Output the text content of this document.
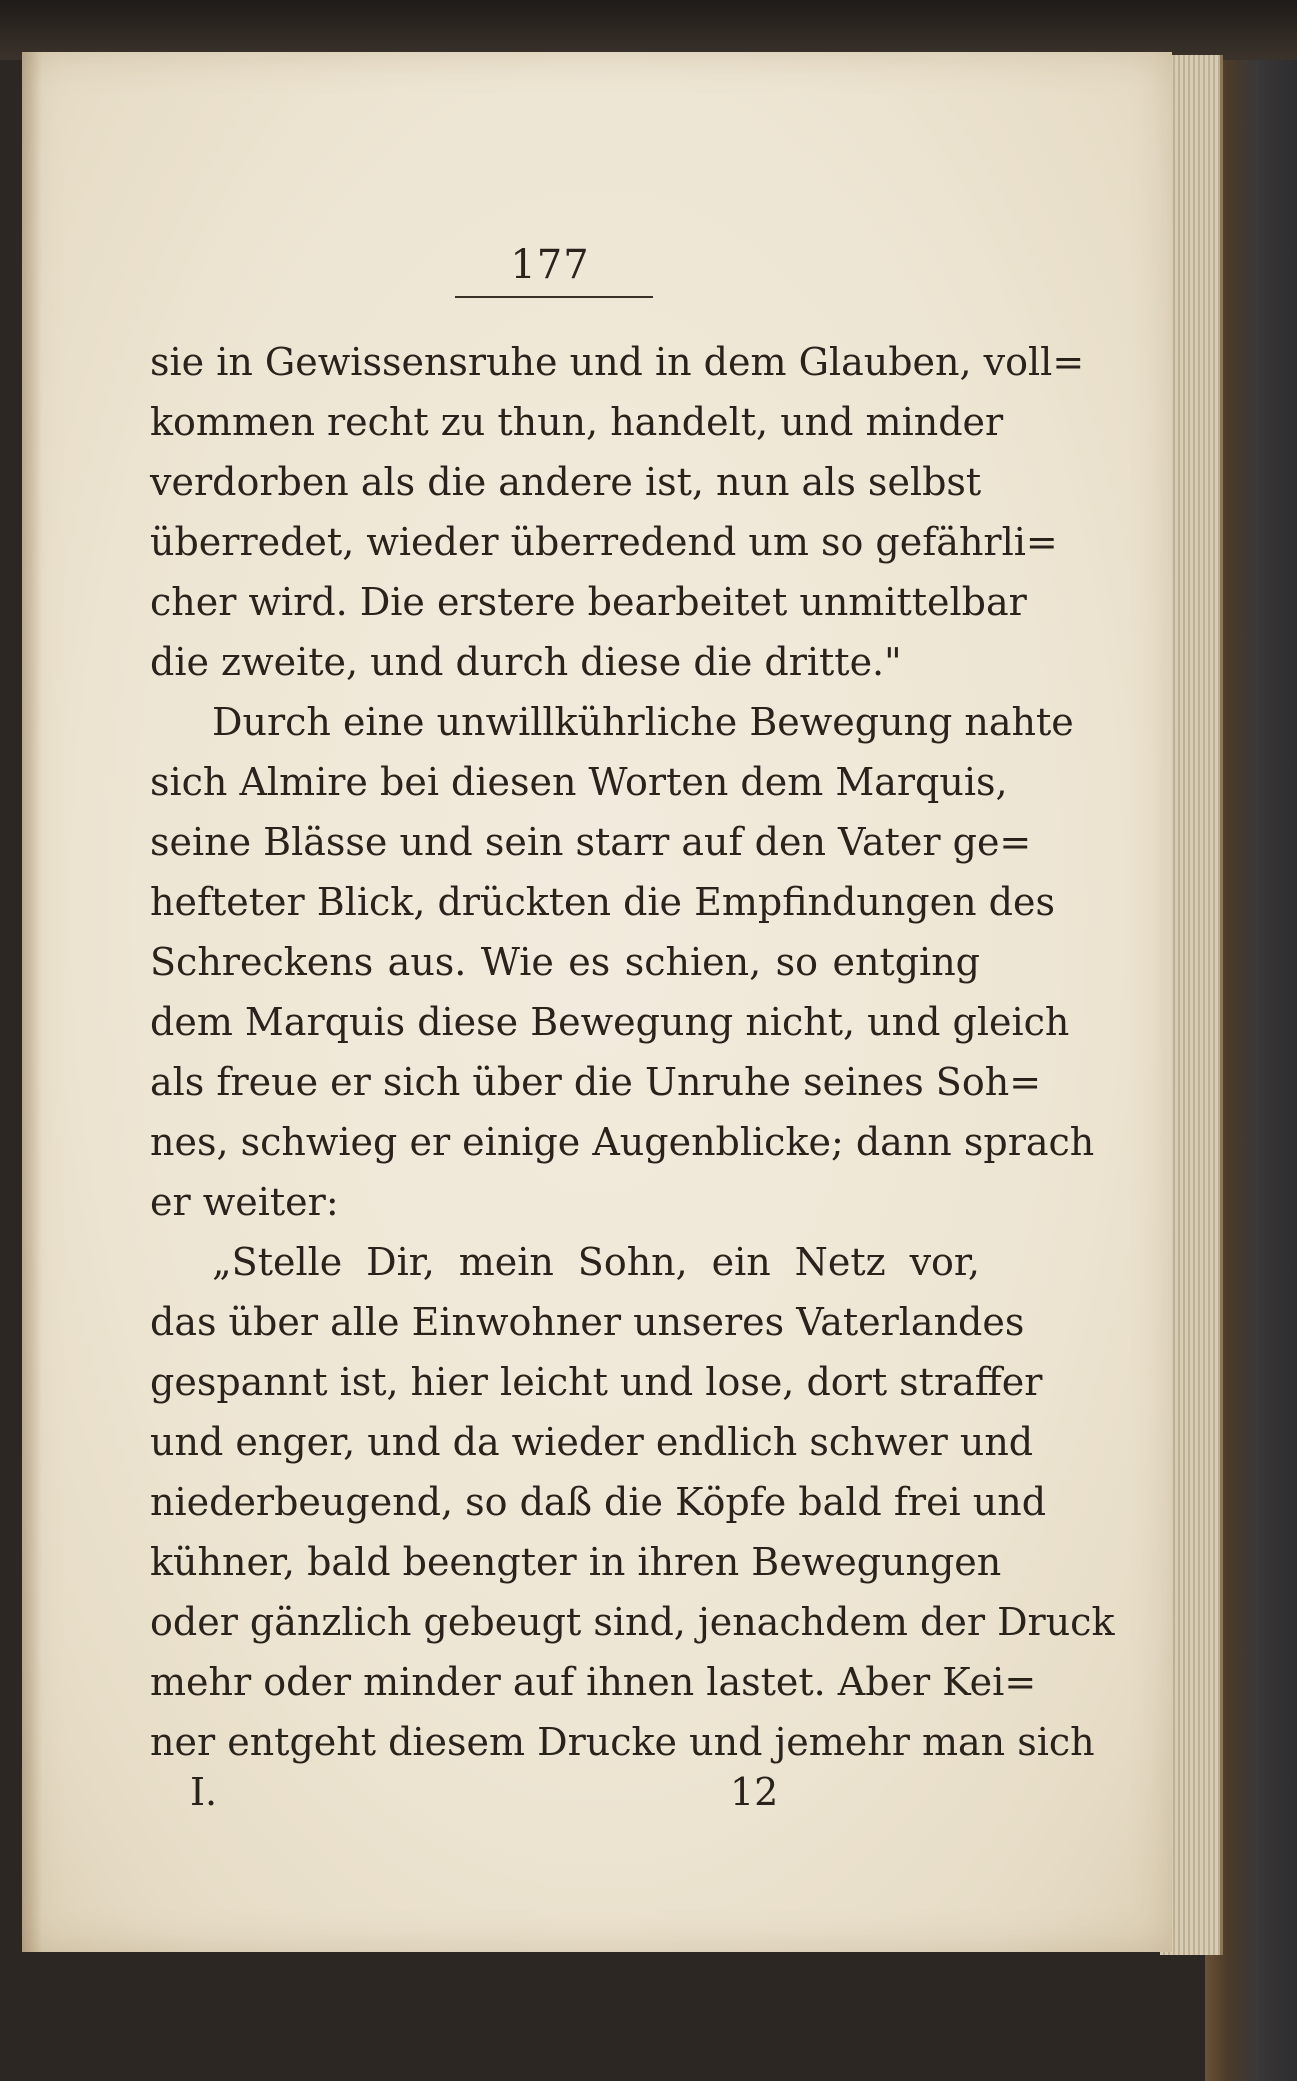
177
sie in Gewissensruhe und in dem Glauben, voll=
kommen recht zu thun, handelt, und minder
verdorben als die andere ist, nun als selbst
überredet, wieder überredend um so gefährli=
cher wird. Die erstere bearbeitet unmittelbar
die zweite, und durch diese die dritte."
Durch eine unwillkührliche Bewegung nahte
sich Almire bei diesen Worten dem Marquis,
seine Blässe und sein starr auf den Vater ge=
hefteter Blick, drückten die Empfindungen des
Schreckens aus. Wie es schien, so entging
dem Marquis diese Bewegung nicht, und gleich
als freue er sich über die Unruhe seines Soh=
nes, schwieg er einige Augenblicke; dann sprach
er weiter:
„Stelle Dir, mein Sohn, ein Netz vor,
das über alle Einwohner unseres Vaterlandes
gespannt ist, hier leicht und lose, dort straffer
und enger, und da wieder endlich schwer und
niederbeugend, so daß die Köpfe bald frei und
kühner, bald beengter in ihren Bewegungen
oder gänzlich gebeugt sind, jenachdem der Druck
mehr oder minder auf ihnen lastet. Aber Kei=
ner entgeht diesem Drucke und jemehr man sich
I.	12
